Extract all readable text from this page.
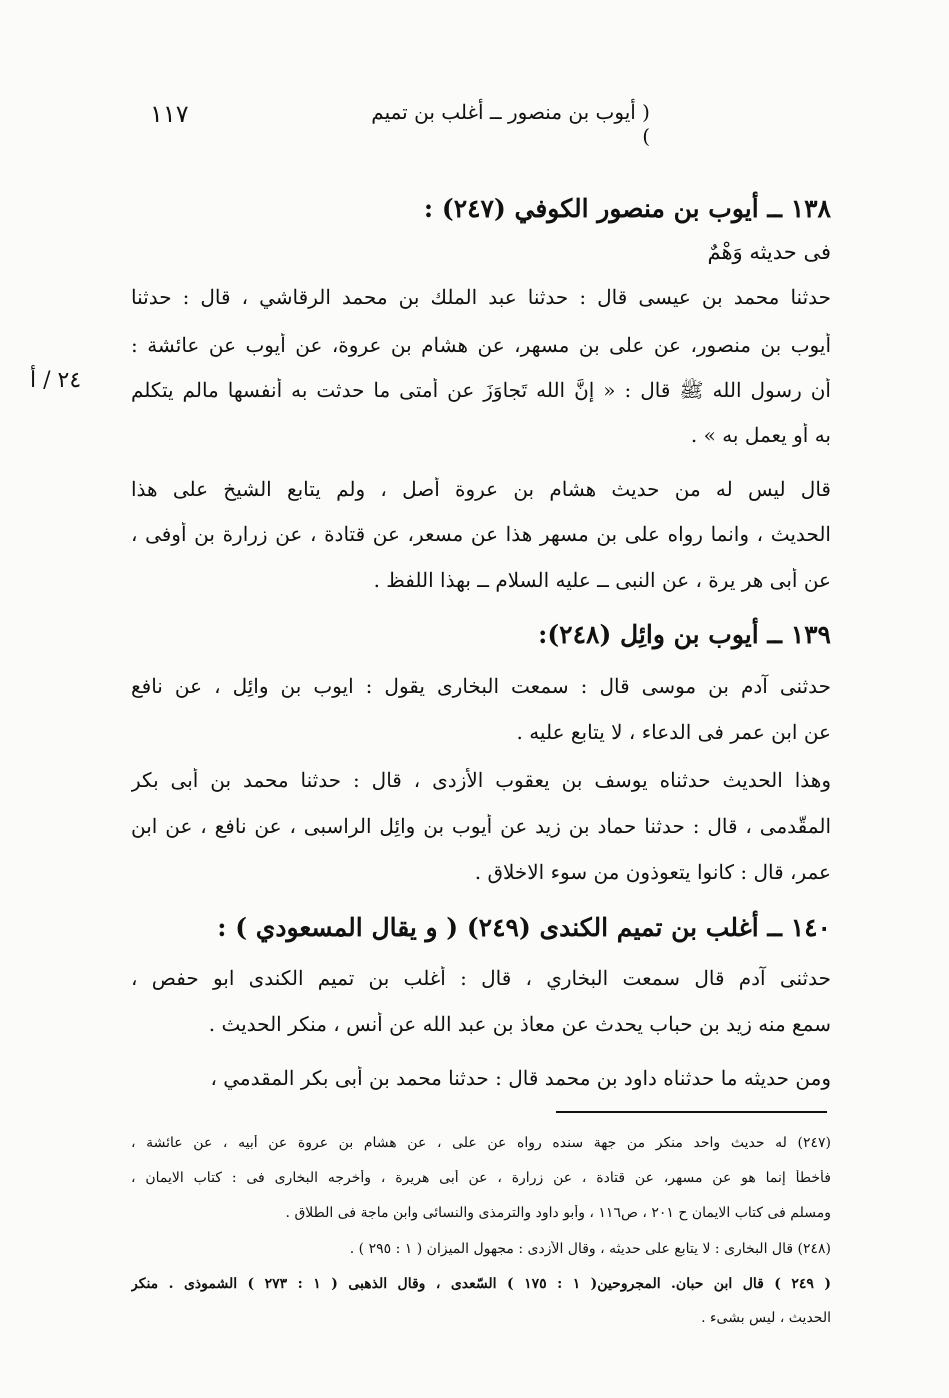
١١٧	( أيوب بن منصور ــ أغلب بن تميم )
٢٤ / أ
١٣٨ ــ أيوب بن منصور الكوفي (٢٤٧) :
فى حديثه وَهْمٌ
حدثنا محمد بن عيسى قال : حدثنا عبد الملك بن محمد الرقاشي ، قال : حدثنا
أيوب بن منصور، عن على بن مسهر، عن هشام بن عروة، عن أيوب عن عائشة :
أن رسول الله ﷺ قال : « إنَّ الله تَجاوَزَ عن أمتى ما حدثت به أنفسها مالم يتكلم
به أو يعمل به » .
قال ليس له من حديث هشام بن عروة أصل ، ولم يتابع الشيخ على هذا
الحديث ، وانما رواه على بن مسهر هذا عن مسعر، عن قتادة ، عن زرارة بن أوفى ،
عن أبى هر يرة ، عن النبى ــ عليه السلام ــ بهذا اللفظ .
١٣٩ ــ أيوب بن وائِل (٢٤٨):
حدثنى آدم بن موسى قال : سمعت البخارى يقول : ايوب بن وائِل ، عن نافع
عن ابن عمر فى الدعاء ، لا يتابع عليه .
وهذا الحديث حدثناه يوسف بن يعقوب الأزدى ، قال : حدثنا محمد بن أبى بكر
المقّدمى ، قال : حدثنا حماد بن زيد عن أيوب بن وائِل الراسبى ، عن نافع ، عن ابن
عمر، قال : كانوا يتعوذون من سوء الاخلاق .
١٤٠ ــ أغلب بن تميم الكندى (٢٤٩) ( و يقال المسعودي ) :
حدثنى آدم قال سمعت البخاري ، قال : أغلب بن تميم الكندى ابو حفص ،
سمع منه زيد بن حباب يحدث عن معاذ بن عبد الله عن أنس ، منكر الحديث .
ومن حديثه ما حدثناه داود بن محمد قال : حدثنا محمد بن أبى بكر المقدمي ،
(٢٤٧) له حديث واحد منكر من جهة سنده رواه عن على ، عن هشام بن عروة عن أبيه ، عن عائشة ،
فأخطأ إنما هو عن مسهر، عن قتادة ، عن زرارة ، عن أبى هريرة ، وأخرجه البخارى فى : كتاب الايمان ،
ومسلم فى كتاب الايمان ح ٢٠١ ، ص١١٦ ، وأبو داود والترمذى والنسائى وابن ماجة فى الطلاق .
(٢٤٨) قال البخارى : لا يتابع على حديثه ، وقال الأزدى : مجهول الميزان ( ١ : ٢٩٥ ) .
( ٢٤٩ ) قال ابن حبان. المجروحين( ١ : ١٧٥ ) السّعدى ، وقال الذهبى ( ١ : ٢٧٣ ) الشموذى . منكر
الحديث ، ليس بشىء .
